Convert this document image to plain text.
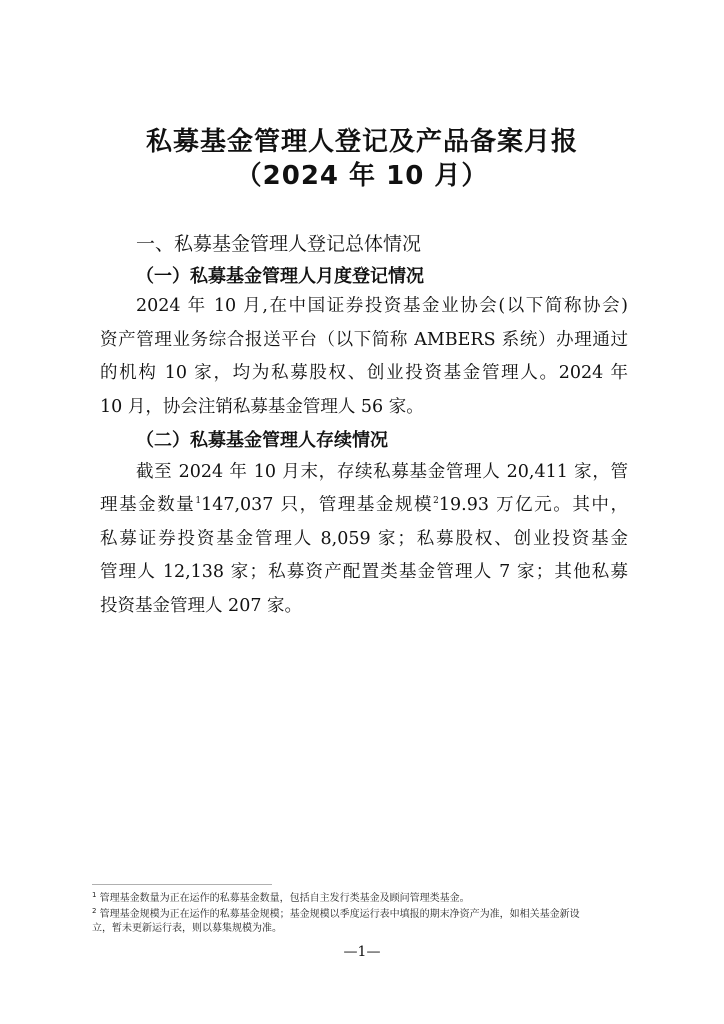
私募基金管理人登记及产品备案月报
（2024 年 10 月）
一、私募基金管理人登记总体情况
（一）私募基金管理人月度登记情况
2024 年 10 月,在中国证券投资基金业协会(以下简称协会)
资产管理业务综合报送平台（以下简称 AMBERS 系统）办理通过
的机构 10 家，均为私募股权、创业投资基金管理人。2024 年
10 月，协会注销私募基金管理人 56 家。
（二）私募基金管理人存续情况
截至 2024 年 10 月末，存续私募基金管理人 20,411 家，管
理基金数量$^1$147,037 只，管理基金规模$^2$19.93 万亿元。其中，
私募证券投资基金管理人 8,059 家；私募股权、创业投资基金
管理人 12,138 家；私募资产配置类基金管理人 7 家；其他私募
投资基金管理人 207 家。
$^1$ 管理基金数量为正在运作的私募基金数量，包括自主发行类基金及顾问管理类基金。
$^2$ 管理基金规模为正在运作的私募基金规模；基金规模以季度运行表中填报的期末净资产为准，如相关基金新设
立，暂未更新运行表，则以募集规模为准。
—1—
